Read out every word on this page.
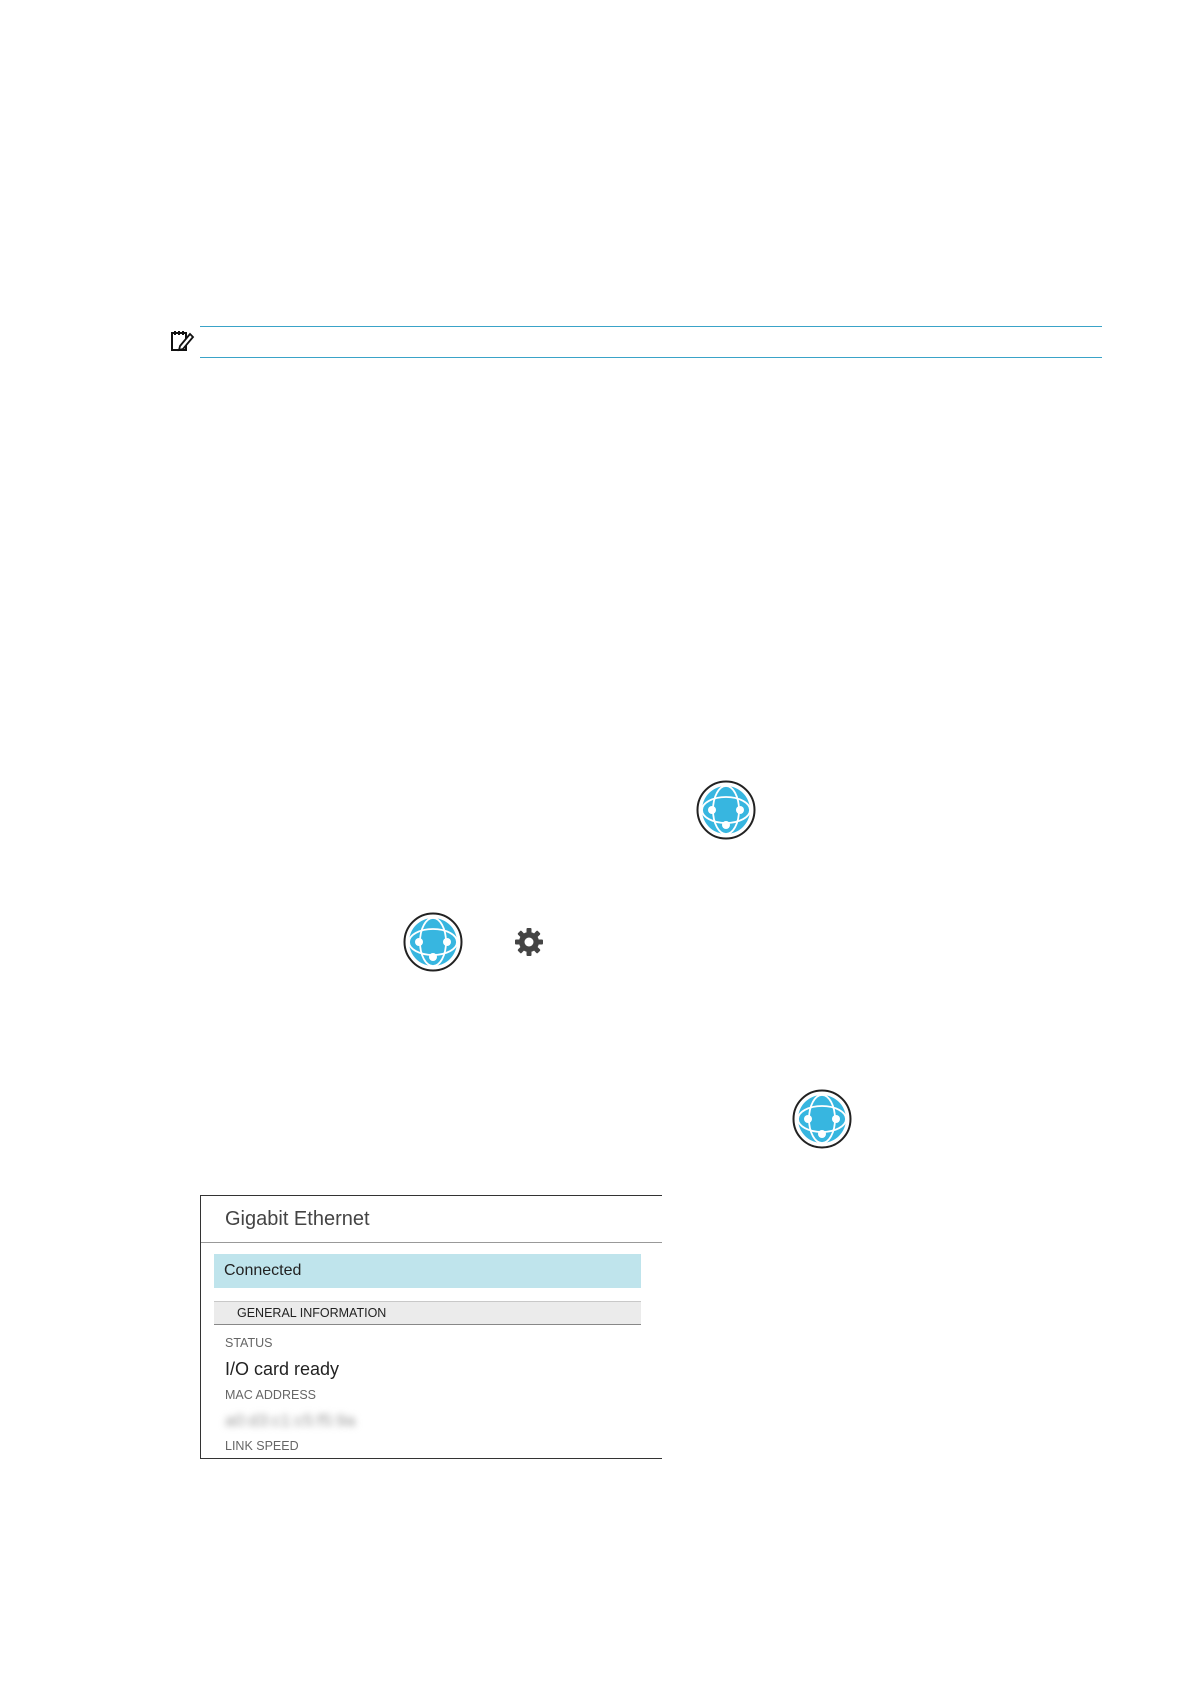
Gigabit Ethernet
Connected
GENERAL INFORMATION
STATUS
I/O card ready
MAC ADDRESS
a0:d3:c1:c5:f5:9a
LINK SPEED
